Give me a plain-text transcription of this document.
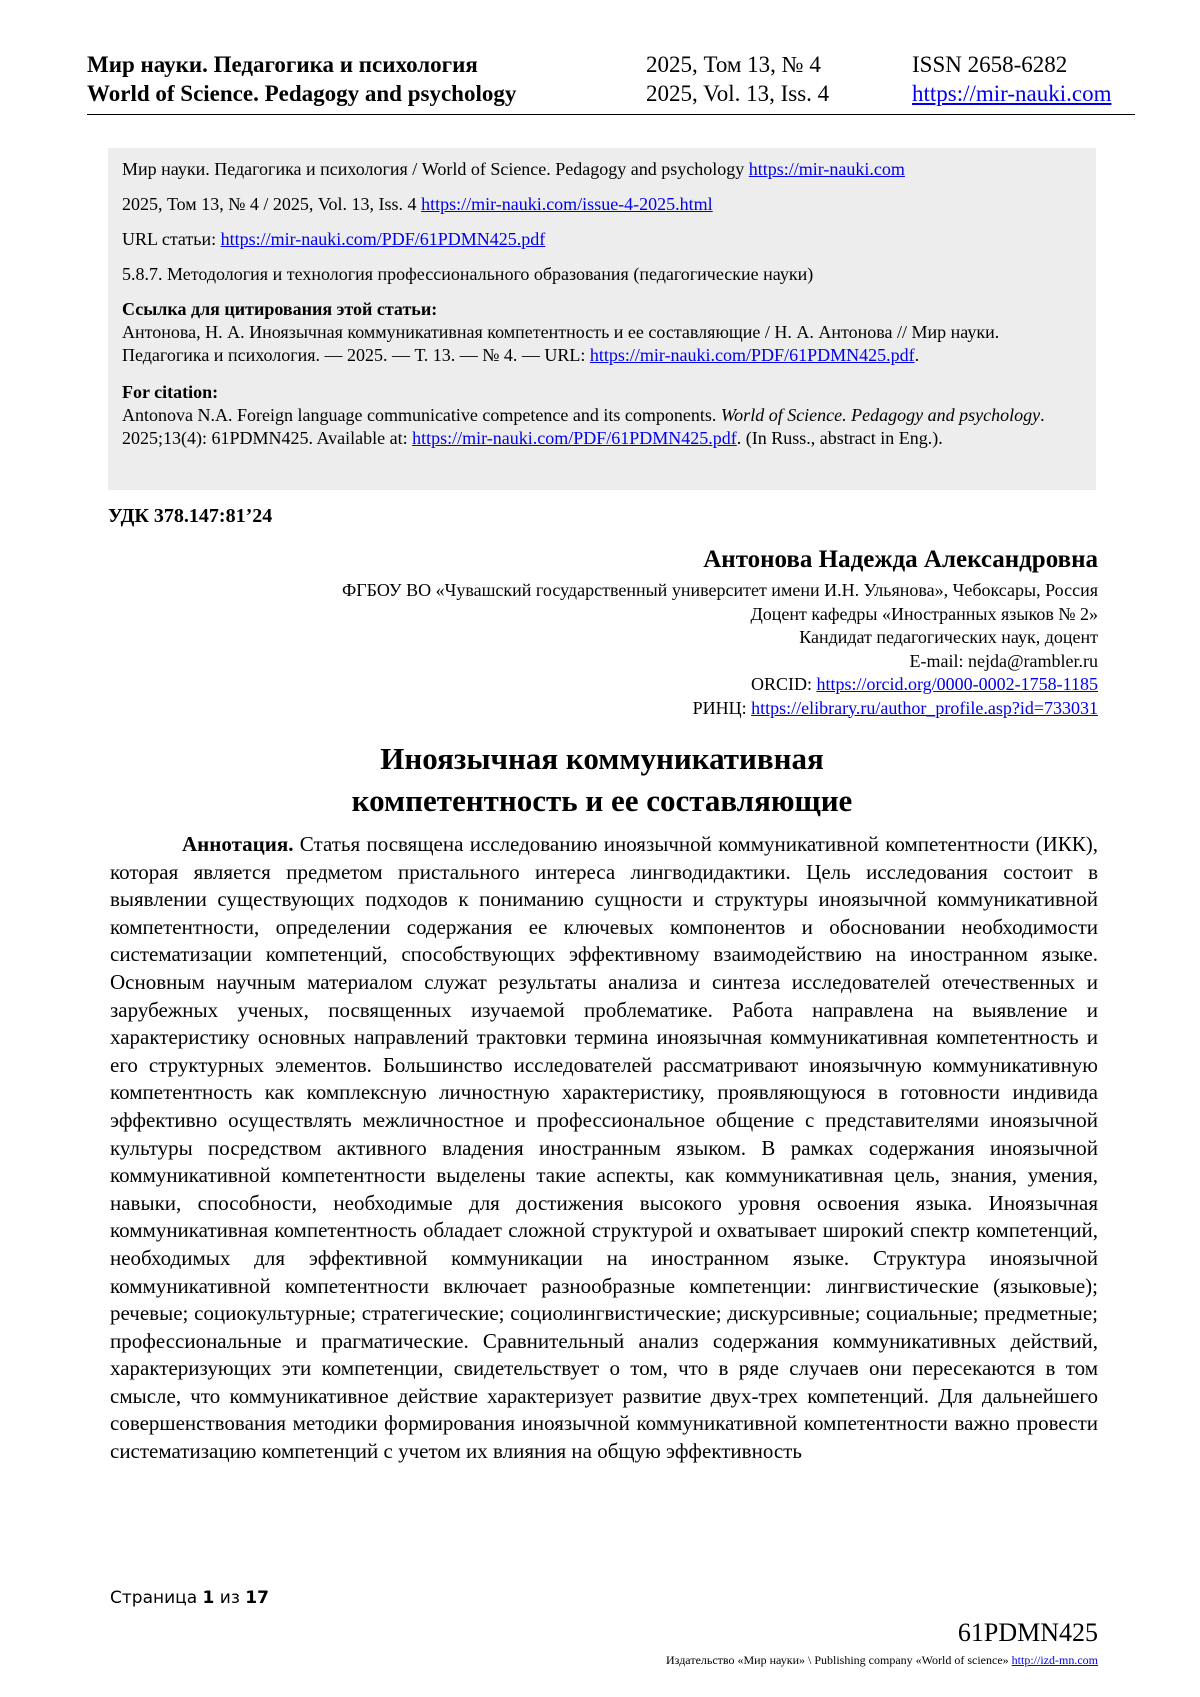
Мир науки. Педагогика и психология
World of Science. Pedagogy and psychology
2025, Том 13, № 4
2025, Vol. 13, Iss. 4
ISSN 2658-6282
https://mir-nauki.com

Мир науки. Педагогика и психология / World of Science. Pedagogy and psychology https://mir-nauki.com

2025, Том 13, № 4 / 2025, Vol. 13, Iss. 4 https://mir-nauki.com/issue-4-2025.html

URL статьи: https://mir-nauki.com/PDF/61PDMN425.pdf

5.8.7. Методология и технология профессионального образования (педагогические науки)

Ссылка для цитирования этой статьи:
Антонова, Н. А. Иноязычная коммуникативная компетентность и ее составляющие / Н. А. Антонова // Мир науки. Педагогика и психология. — 2025. — Т. 13. — № 4. — URL: https://mir-nauki.com/PDF/61PDMN425.pdf.
For citation:
Antonova N.A. Foreign language communicative competence and its components. World of Science. Pedagogy and psychology. 2025;13(4): 61PDMN425. Available at: https://mir-nauki.com/PDF/61PDMN425.pdf. (In Russ., abstract in Eng.).
УДК 378.147:81’24
Антонова Надежда Александровна
ФГБОУ ВО «Чувашский государственный университет имени И.Н. Ульянова», Чебоксары, Россия
Доцент кафедры «Иностранных языков № 2»
Кандидат педагогических наук, доцент
E-mail: nejda@rambler.ru
ORCID: https://orcid.org/0000-0002-1758-1185
РИНЦ: https://elibrary.ru/author_profile.asp?id=733031
Иноязычная коммуникативная
компетентность и ее составляющие

Аннотация. Статья посвящена исследованию иноязычной коммуникативной компетентности (ИКК), которая является предметом пристального интереса лингводидактики. Цель исследования состоит в выявлении существующих подходов к пониманию сущности и структуры иноязычной коммуникативной компетентности, определении содержания ее ключевых компонентов и обосновании необходимости систематизации компетенций, способствующих эффективному взаимодействию на иностранном языке. Основным научным материалом служат результаты анализа и синтеза исследователей отечественных и зарубежных ученых, посвященных изучаемой проблематике. Работа направлена на выявление и характеристику основных направлений трактовки термина иноязычная коммуникативная компетентность и его структурных элементов. Большинство исследователей рассматривают иноязычную коммуникативную компетентность как комплексную личностную характеристику, проявляющуюся в готовности индивида эффективно осуществлять межличностное и профессиональное общение с представителями иноязычной культуры посредством активного владения иностранным языком. В рамках содержания иноязычной коммуникативной компетентности выделены такие аспекты, как коммуникативная цель, знания, умения, навыки, способности, необходимые для достижения высокого уровня освоения языка. Иноязычная коммуникативная компетентность обладает сложной структурой и охватывает широкий спектр компетенций, необходимых для эффективной коммуникации на иностранном языке. Структура иноязычной коммуникативной компетентности включает разнообразные компетенции: лингвистические (языковые); речевые; социокультурные; стратегические; социолингвистические; дискурсивные; социальные; предметные; профессиональные и прагматические. Сравнительный анализ содержания коммуникативных действий, характеризующих эти компетенции, свидетельствует о том, что в ряде случаев они пересекаются в том смысле, что коммуникативное действие характеризует развитие двух-трех компетенций. Для дальнейшего совершенствования методики формирования иноязычной коммуникативной компетентности важно провести систематизацию компетенций с учетом их влияния на общую эффективность

Страница 1 из 17
61PDMN425
Издательство «Мир науки» \ Publishing company «World of science» http://izd-mn.com
